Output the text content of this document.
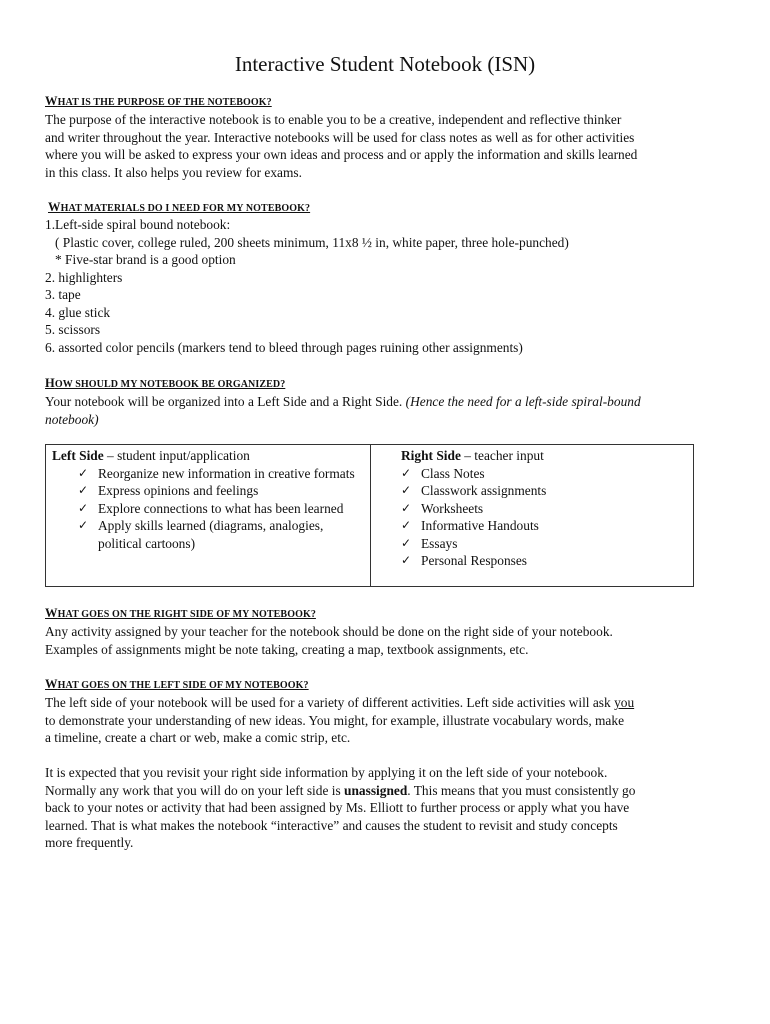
Interactive Student Notebook (ISN)
WHAT IS THE PURPOSE OF THE NOTEBOOK?
The purpose of the interactive notebook is to enable you to be a creative, independent and reflective thinker
and writer throughout the year. Interactive notebooks will be used for class notes as well as for other activities
where you will be asked to express your own ideas and process and or apply the information and skills learned
in this class. It also helps you review for exams.
WHAT MATERIALS DO I NEED FOR MY NOTEBOOK?
1.Left-side spiral bound notebook:
( Plastic cover, college ruled, 200 sheets minimum, 11x8 ½ in, white paper, three hole-punched)
* Five-star brand is a good option
2. highlighters
3. tape
4. glue stick
5. scissors
6. assorted color pencils (markers tend to bleed through pages ruining other assignments)
HOW SHOULD MY NOTEBOOK BE ORGANIZED?
Your notebook will be organized into a Left Side and a Right Side. (Hence the need for a left-side spiral-bound
notebook)
Left Side – student input/application
✓ Reorganize new information in creative formats
✓ Express opinions and feelings
✓ Explore connections to what has been learned
✓ Apply skills learned (diagrams, analogies, political cartoons)

Right Side – teacher input
✓ Class Notes
✓ Classwork assignments
✓ Worksheets
✓ Informative Handouts
✓ Essays
✓ Personal Responses
WHAT GOES ON THE RIGHT SIDE OF MY NOTEBOOK?
Any activity assigned by your teacher for the notebook should be done on the right side of your notebook.
Examples of assignments might be note taking, creating a map, textbook assignments, etc.
WHAT GOES ON THE LEFT SIDE OF MY NOTEBOOK?
The left side of your notebook will be used for a variety of different activities. Left side activities will ask you
to demonstrate your understanding of new ideas. You might, for example, illustrate vocabulary words, make
a timeline, create a chart or web, make a comic strip, etc.
It is expected that you revisit your right side information by applying it on the left side of your notebook.
Normally any work that you will do on your left side is unassigned. This means that you must consistently go
back to your notes or activity that had been assigned by Ms. Elliott to further process or apply what you have
learned. That is what makes the notebook “interactive” and causes the student to revisit and study concepts
more frequently.
